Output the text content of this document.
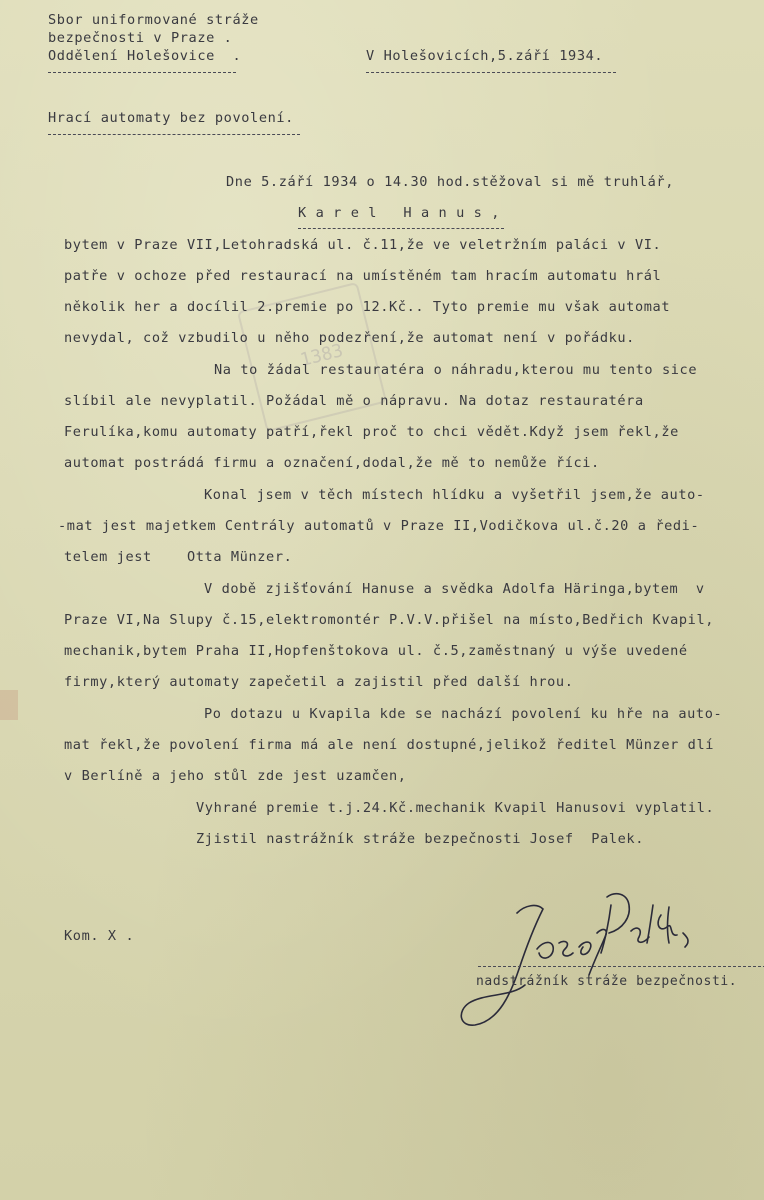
Sbor uniformované stráže
bezpečnosti v Praze .
Oddělení Holešovice  .	V Holešovicích,5.září 1934.
Hrací automaty bez povolení.
1383
Dne 5.září 1934 o 14.30 hod.stěžoval si mě truhlář,
K a r e l   H a n u s ,
bytem v Praze VII,Letohradská ul. č.11,že ve veletržním paláci v VI.
patře v ochoze před restaurací na umístěném tam hracím automatu hrál
několik her a docílil 2.premie po 12.Kč.. Tyto premie mu však automat
nevydal, což vzbudilo u něho podezření,že automat není v pořádku.
Na to žádal restauratéra o náhradu,kterou mu tento sice
slíbil ale nevyplatil. Požádal mě o nápravu. Na dotaz restauratéra
Ferulíka,komu automaty patří,řekl proč to chci vědět.Když jsem řekl,že
automat postrádá firmu a označení,dodal,že mě to nemůže říci.
Konal jsem v těch místech hlídku a vyšetřil jsem,že auto-
-mat jest majetkem Centrály automatů v Praze II,Vodičkova ul.č.20 a ředi-
telem jest    Otta Münzer.
V době zjišťování Hanuse a svědka Adolfa Häringa,bytem  v
Praze VI,Na Slupy č.15,elektromontér P.V.V.přišel na místo,Bedřich Kvapil,
mechanik,bytem Praha II,Hopfenštokova ul. č.5,zaměstnaný u výše uvedené
firmy,který automaty zapečetil a zajistil před další hrou.
Po dotazu u Kvapila kde se nachází povolení ku hře na auto-
mat řekl,že povolení firma má ale není dostupné,jelikož ředitel Münzer dlí
v Berlíně a jeho stůl zde jest uzamčen,
Vyhrané premie t.j.24.Kč.mechanik Kvapil Hanusovi vyplatil.
Zjistil nastrážník stráže bezpečnosti Josef  Palek.
Kom. X .
nadstrážník stráže bezpečnosti.
